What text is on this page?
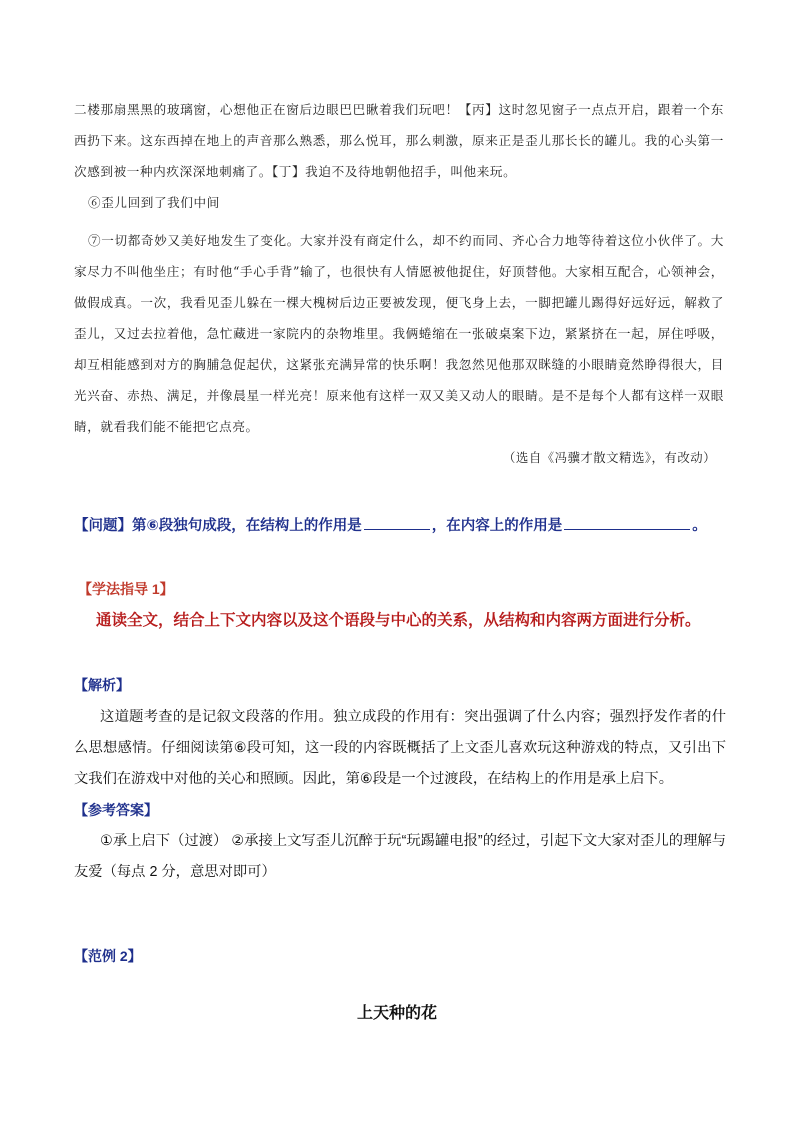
二楼那扇黑黑的玻璃窗，心想他正在窗后边眼巴巴瞅着我们玩吧！【丙】这时忽见窗子一点点开启，跟着一个东西扔下来。这东西掉在地上的声音那么熟悉，那么悦耳，那么刺激，原来正是歪儿那长长的罐儿。我的心头第一次感到被一种内疚深深地刺痛了。【丁】我迫不及待地朝他招手，叫他来玩。

⑥歪儿回到了我们中间

⑦一切都奇妙又美好地发生了变化。大家并没有商定什么，却不约而同、齐心合力地等待着这位小伙伴了。大家尽力不叫他坐庄；有时他“手心手背”输了，也很快有人情愿被他捉住，好顶替他。大家相互配合，心领神会，做假成真。一次，我看见歪儿躲在一棵大槐树后边正要被发现，便飞身上去，一脚把罐儿踢得好远好远，解救了歪儿，又过去拉着他，急忙藏进一家院内的杂物堆里。我俩蜷缩在一张破桌案下边，紧紧挤在一起，屏住呼吸，却互相能感到对方的胸脯急促起伏，这紧张充满异常的快乐啊！我忽然见他那双眯缝的小眼睛竟然睁得很大，目光兴奋、赤热、满足，并像晨星一样光亮！原来他有这样一双又美又动人的眼睛。是不是每个人都有这样一双眼睛，就看我们能不能把它点亮。

（选自《冯骥才散文精选》，有改动）
【问题】第⑥段独句成段，在结构上的作用是	，在内容上的作用是	。
【学法指导 1】
通读全文，结合上下文内容以及这个语段与中心的关系，从结构和内容两方面进行分析。
【解析】

这道题考查的是记叙文段落的作用。独立成段的作用有：突出强调了什么内容；强烈抒发作者的什么思想感情。仔细阅读第⑥段可知，这一段的内容既概括了上文歪儿喜欢玩这种游戏的特点，又引出下文我们在游戏中对他的关心和照顾。因此，第⑥段是一个过渡段，在结构上的作用是承上启下。

【参考答案】

①承上启下（过渡） ②承接上文写歪儿沉醉于玩“玩踢罐电报”的经过，引起下文大家对歪儿的理解与友爱（每点 2 分，意思对即可）

【范例 2】
上天种的花
